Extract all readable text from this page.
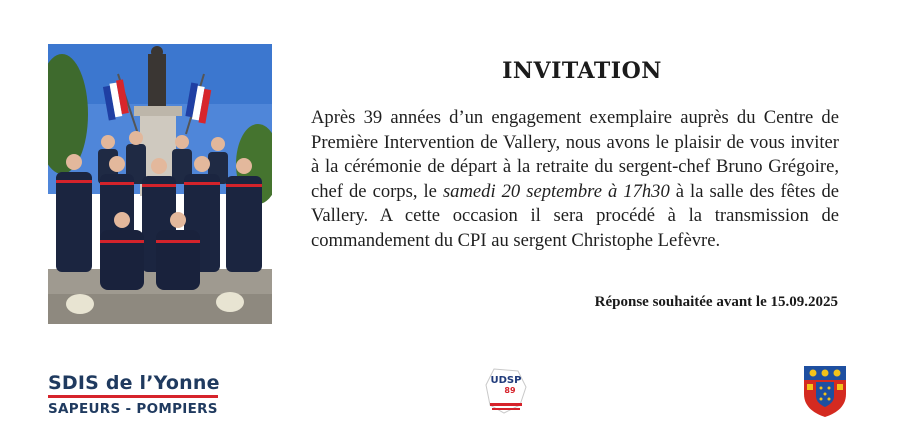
INVITATION
Après 39 années d’un engagement exemplaire auprès du Centre de Première Intervention de Vallery, nous avons le plaisir de vous inviter à la cérémonie de départ à la retraite du sergent-chef Bruno Grégoire, chef de corps, le samedi 20 septembre à 17h30 à la salle des fêtes de Vallery. A cette occasion il sera procédé à la transmission de commandement du CPI au sergent Christophe Lefèvre.
Réponse souhaitée avant le 15.09.2025
SDIS de l’Yonne
SAPEURS - POMPIERS
UDSP
89
